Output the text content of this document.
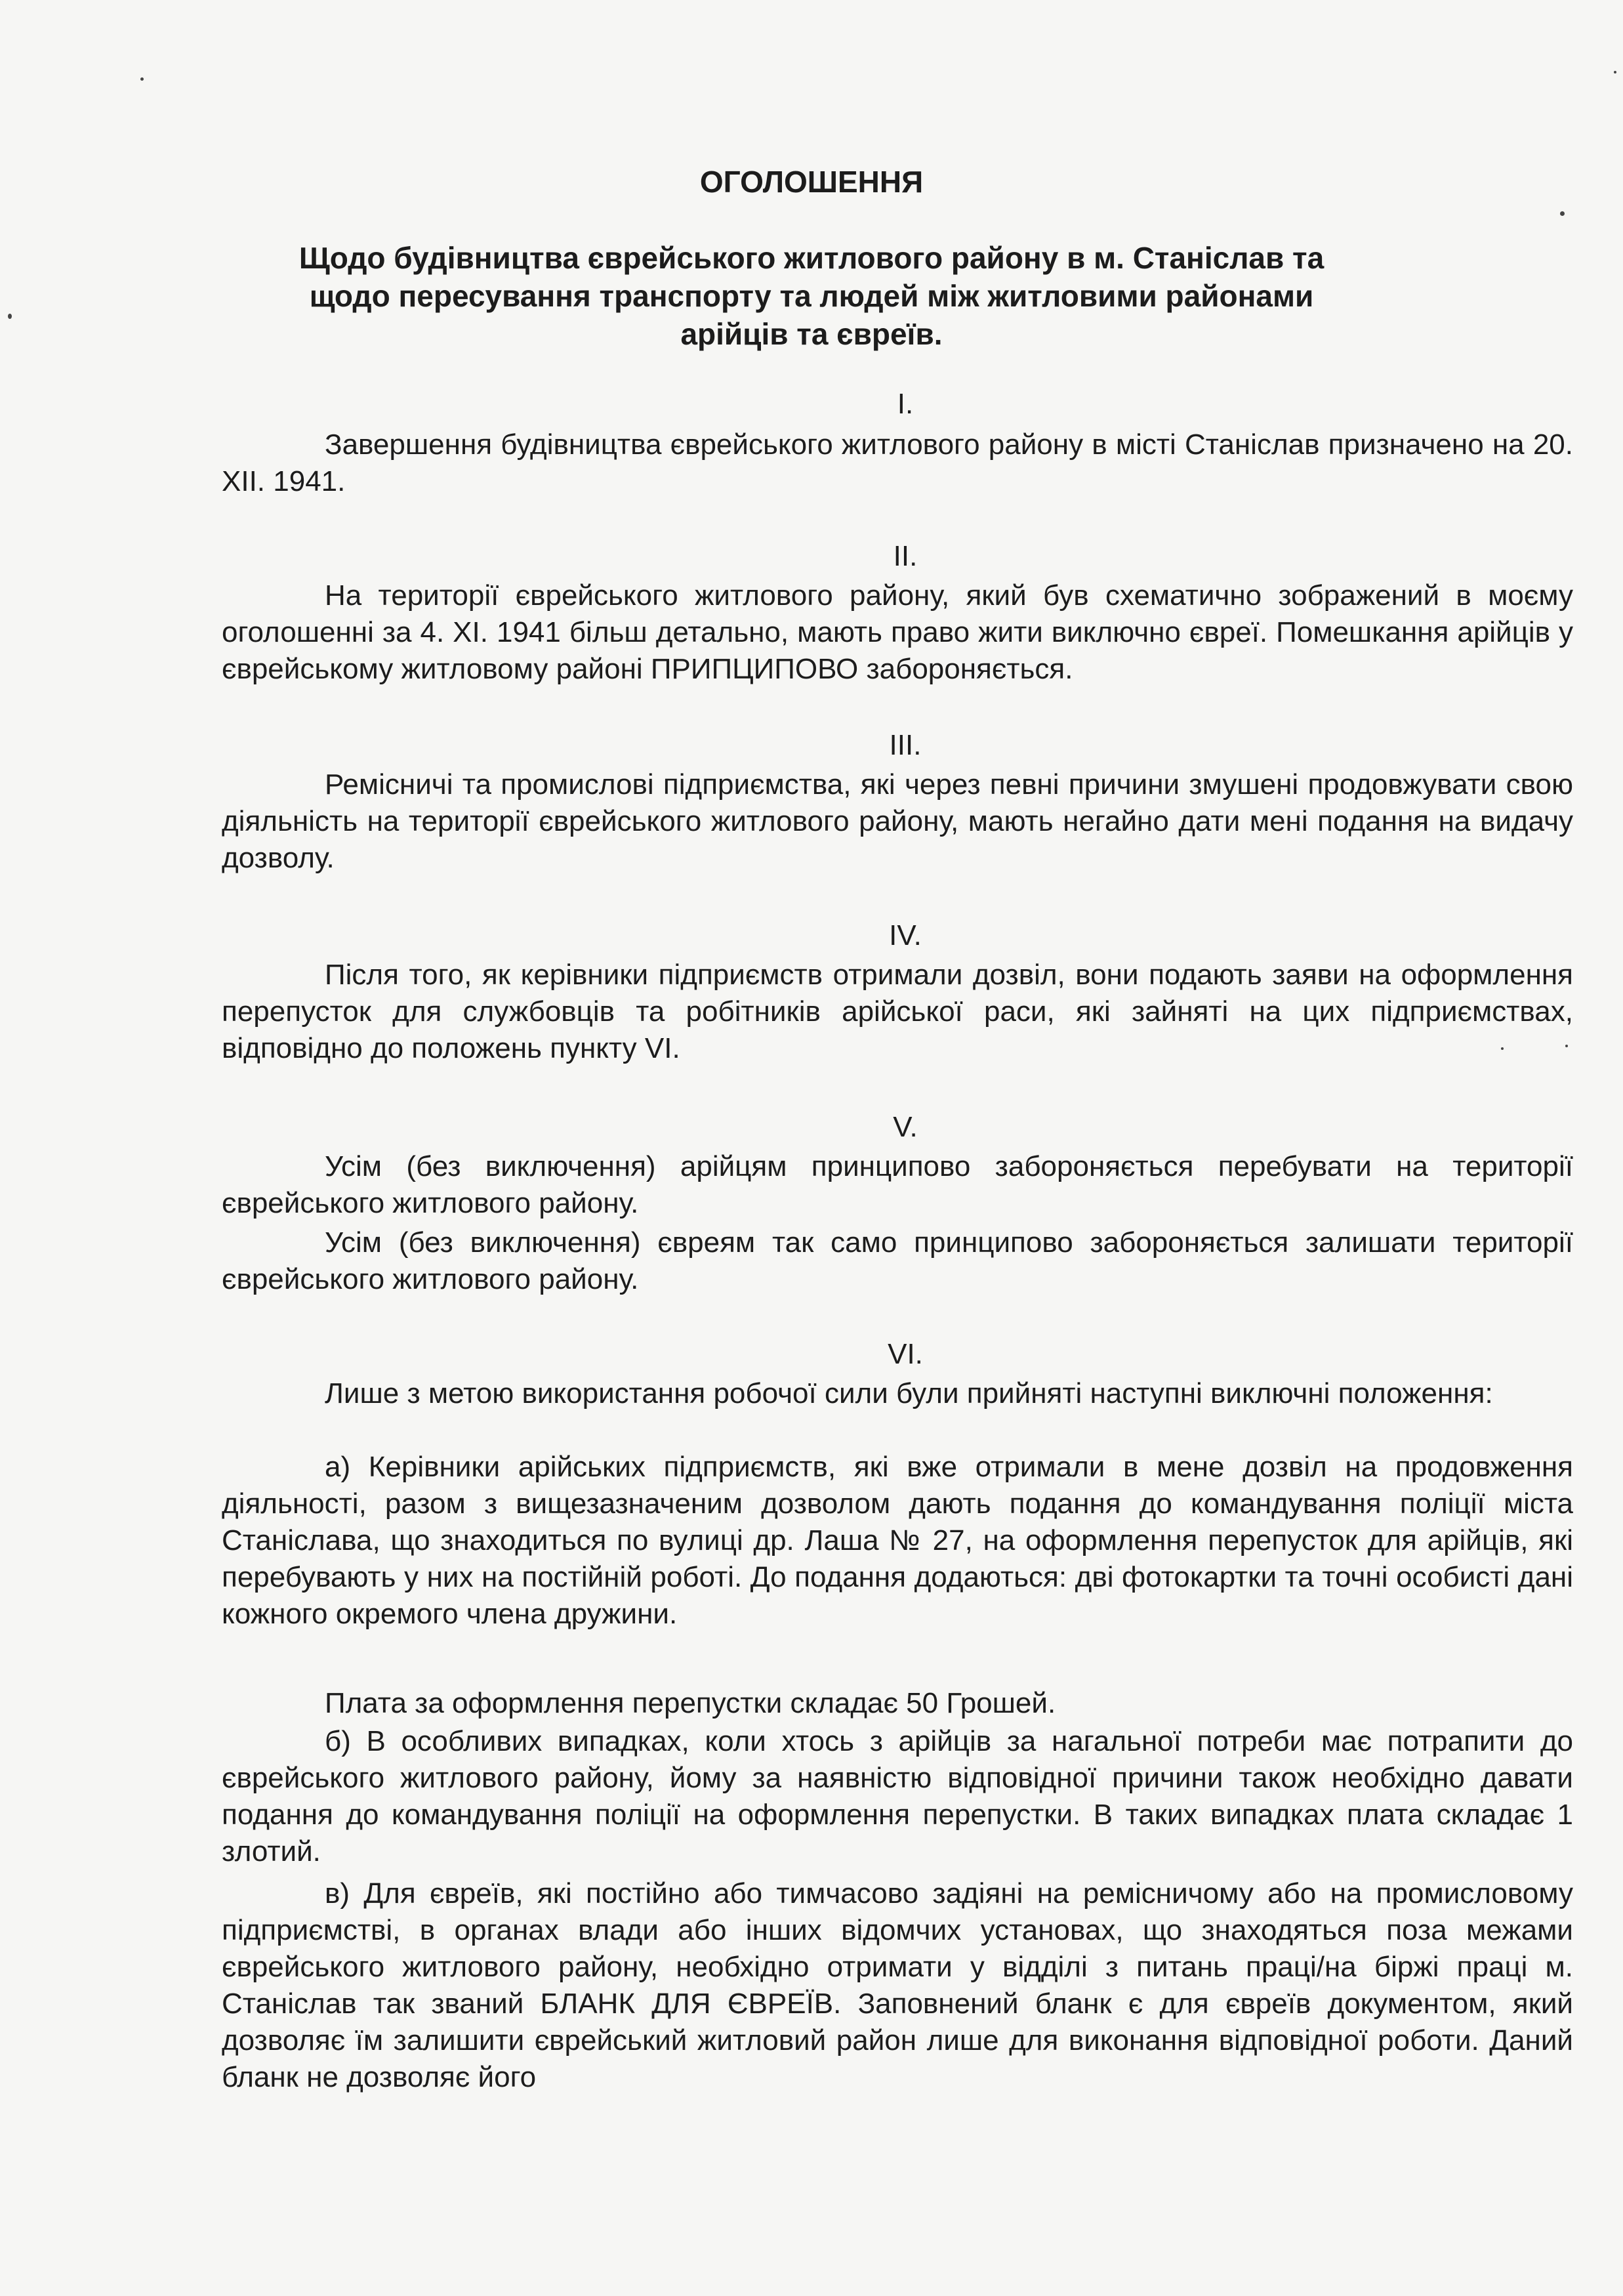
ОГОЛОШЕННЯ
Щодо будівництва єврейського житлового району в м. Станіслав та
щодо пересування транспорту та людей між житловими районами
арійців та євреїв.
I.

Завершення будівництва єврейського житлового району в місті Станіслав призначено на 20. XII. 1941.

II.

На території єврейського житлового району, який був схематично зображений в моєму оголошенні за 4. XI. 1941 більш детально, мають право жити виключно євреї. Помешкання арійців у єврейському житловому районі ПРИПЦИПОВО забороняється.

III.

Ремісничі та промислові підприємства, які через певні причини змушені продовжувати свою діяльність на території єврейського житлового району, мають негайно дати мені подання на видачу дозволу.

IV.

Після того, як керівники підприємств отримали дозвіл, вони подають заяви на оформлення перепусток для службовців та робітників арійської раси, які зайняті на цих підприємствах, відповідно до положень пункту VI.

V.

Усім (без виключення) арійцям принципово забороняється перебувати на території єврейського житлового району.

Усім (без виключення) євреям так само принципово забороняється залишати території єврейського житлового району.

VI.

Лише з метою використання робочої сили були прийняті наступні виключні положення:

а) Керівники арійських підприємств, які вже отримали в мене дозвіл на продовження діяльності, разом з вищезазначеним дозволом дають подання до командування поліції міста Станіслава, що знаходиться по вулиці др. Лаша № 27, на оформлення перепусток для арійців, які перебувають у них на постійній роботі. До подання додаються: дві фотокартки та точні особисті дані кожного окремого члена дружини.

Плата за оформлення перепустки складає 50 Грошей.

б) В особливих випадках, коли хтось з арійців за нагальної потреби має потрапити до єврейського житлового району, йому за наявністю відповідної причини також необхідно давати подання до командування поліції на оформлення перепустки. В таких випадках плата складає 1 злотий.

в) Для євреїв, які постійно або тимчасово задіяні на ремісничому або на промисловому підприємстві, в органах влади або інших відомчих установах, що знаходяться поза межами єврейського житлового району, необхідно отримати у відділі з питань праці/на біржі праці м. Станіслав так званий БЛАНК ДЛЯ ЄВРЕЇВ. Заповнений бланк є для євреїв документом, який дозволяє їм залишити єврейський житловий район лише для виконання відповідної роботи. Даний бланк не дозволяє його
